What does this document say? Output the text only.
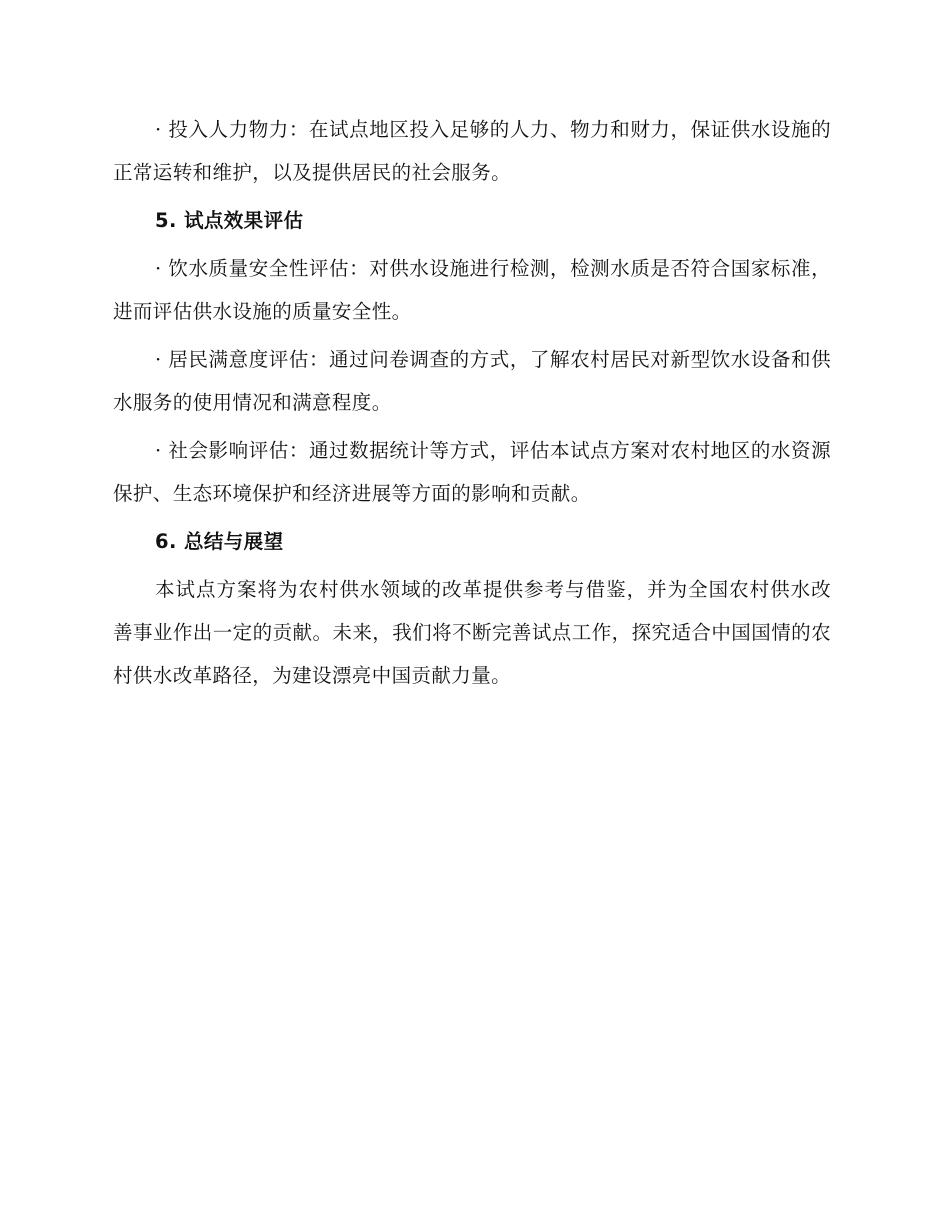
· 投入人力物力：在试点地区投入足够的人力、物力和财力，保证供水设施的正常运转和维护，以及提供居民的社会服务。

5. 试点效果评估

· 饮水质量安全性评估：对供水设施进行检测，检测水质是否符合国家标准，进而评估供水设施的质量安全性。

· 居民满意度评估：通过问卷调查的方式，了解农村居民对新型饮水设备和供水服务的使用情况和满意程度。

· 社会影响评估：通过数据统计等方式，评估本试点方案对农村地区的水资源保护、生态环境保护和经济进展等方面的影响和贡献。

6. 总结与展望

本试点方案将为农村供水领域的改革提供参考与借鉴，并为全国农村供水改善事业作出一定的贡献。未来，我们将不断完善试点工作，探究适合中国国情的农村供水改革路径，为建设漂亮中国贡献力量。
